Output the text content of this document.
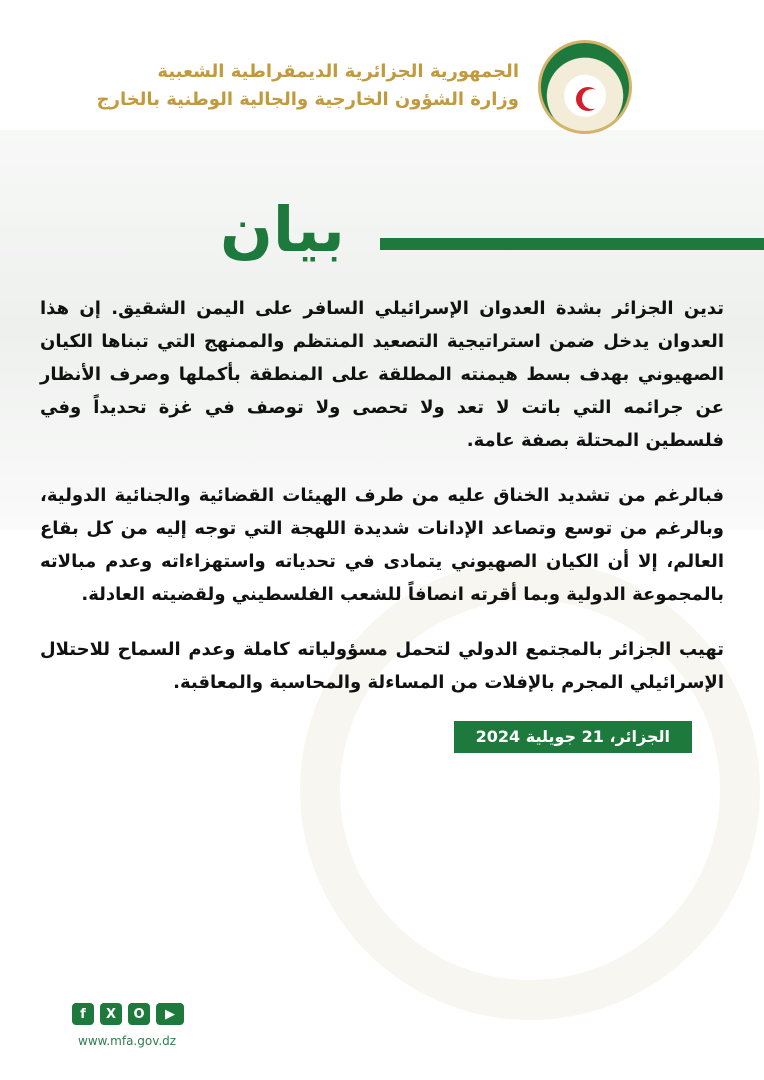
الجمهورية الجزائرية الديمقراطية الشعبية
وزارة الشؤون الخارجية والجالية الوطنية بالخارج
بيان

تدين الجزائر بشدة العدوان الإسرائيلي السافر على اليمن الشقيق. إن هذا العدوان يدخل ضمن استراتيجية التصعيد المنتظم والممنهج التي تبناها الكيان الصهيوني بهدف بسط هيمنته المطلقة على المنطقة بأكملها وصرف الأنظار عن جرائمه التي باتت لا تعد ولا تحصى ولا توصف في غزة تحديداً وفي فلسطين المحتلة بصفة عامة.

فبالرغم من تشديد الخناق عليه من طرف الهيئات القضائية والجنائية الدولية، وبالرغم من توسع وتصاعد الإدانات شديدة اللهجة التي توجه إليه من كل بقاع العالم، إلا أن الكيان الصهيوني يتمادى في تحدياته واستهزاءاته وعدم مبالاته بالمجموعة الدولية وبما أقرته انصافاً للشعب الفلسطيني ولقضيته العادلة.

تهيب الجزائر بالمجتمع الدولي لتحمل مسؤولياته كاملة وعدم السماح للاحتلال الإسرائيلي المجرم بالإفلات من المساءلة والمحاسبة والمعاقبة.

الجزائر، 21 جويلية 2024
f	X	O	▶
www.mfa.gov.dz
